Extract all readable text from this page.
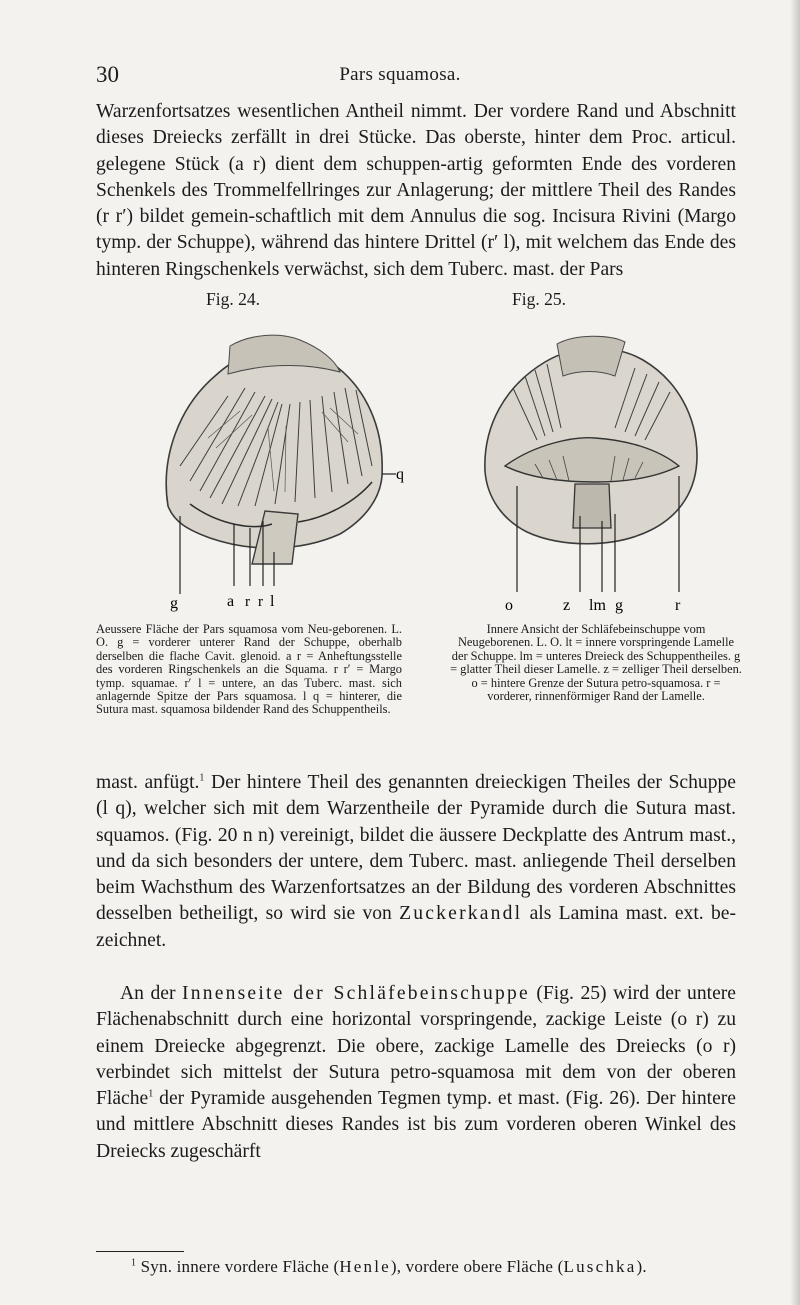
30	Pars squamosa.

Warzenfortsatzes wesentlichen Antheil nimmt. Der vordere Rand und Abschnitt dieses Dreiecks zerfällt in drei Stücke. Das oberste, hinter dem Proc. articul. gelegene Stück (a r) dient dem schuppen-artig geformten Ende des vorderen Schenkels des Trommelfellringes zur Anlagerung; der mittlere Theil des Randes (r r′) bildet gemein-schaftlich mit dem Annulus die sog. Incisura Rivini (Margo tymp. der Schuppe), während das hintere Drittel (r′ l), mit welchem das Ende des hinteren Ringschenkels verwächst, sich dem Tuberc. mast. der Pars

Fig. 24.	Fig. 25.
g	a r r l
q
o	z lm g	r
Aeussere Fläche der Pars squamosa vom Neu-geborenen. L. O. g = vorderer unterer Rand der Schuppe, oberhalb derselben die flache Cavit. glenoid. a r = Anheftungsstelle des vorderen Ringschenkels an die Squama. r r′ = Margo tymp. squamae. r′ l = untere, an das Tuberc. mast. sich anlagernde Spitze der Pars squamosa. l q = hinterer, die Sutura mast. squamosa bildender Rand des Schuppentheils.
Innere Ansicht der Schläfebeinschuppe vom Neugeborenen. L. O. lt = innere vorspringende Lamelle der Schuppe. lm = unteres Dreieck des Schuppentheiles. g = glatter Theil dieser Lamelle. z = zelliger Theil derselben. o = hintere Grenze der Sutura petro-squamosa. r = vorderer, rinnenförmiger Rand der Lamelle.

mast. anfügt.$^1$ Der hintere Theil des genannten dreieckigen Theiles der Schuppe (l q), welcher sich mit dem Warzentheile der Pyramide durch die Sutura mast. squamos. (Fig. 20 n n) vereinigt, bildet die äussere Deckplatte des Antrum mast., und da sich besonders der untere, dem Tuberc. mast. anliegende Theil derselben beim Wachsthum des Warzenfortsatzes an der Bildung des vorderen Abschnittes desselben betheiligt, so wird sie von Zuckerkandl als Lamina mast. ext. be-zeichnet.

An der Innenseite der Schläfebeinschuppe (Fig. 25) wird der untere Flächenabschnitt durch eine horizontal vorspringende, zackige Leiste (o r) zu einem Dreiecke abgegrenzt. Die obere, zackige Lamelle des Dreiecks (o r) verbindet sich mittelst der Sutura petro-squamosa mit dem von der oberen Fläche$^1$ der Pyramide ausgehenden Tegmen tymp. et mast. (Fig. 26). Der hintere und mittlere Abschnitt dieses Randes ist bis zum vorderen oberen Winkel des Dreiecks zugeschärft

$^1$ Syn. innere vordere Fläche (Henle), vordere obere Fläche (Luschka).
